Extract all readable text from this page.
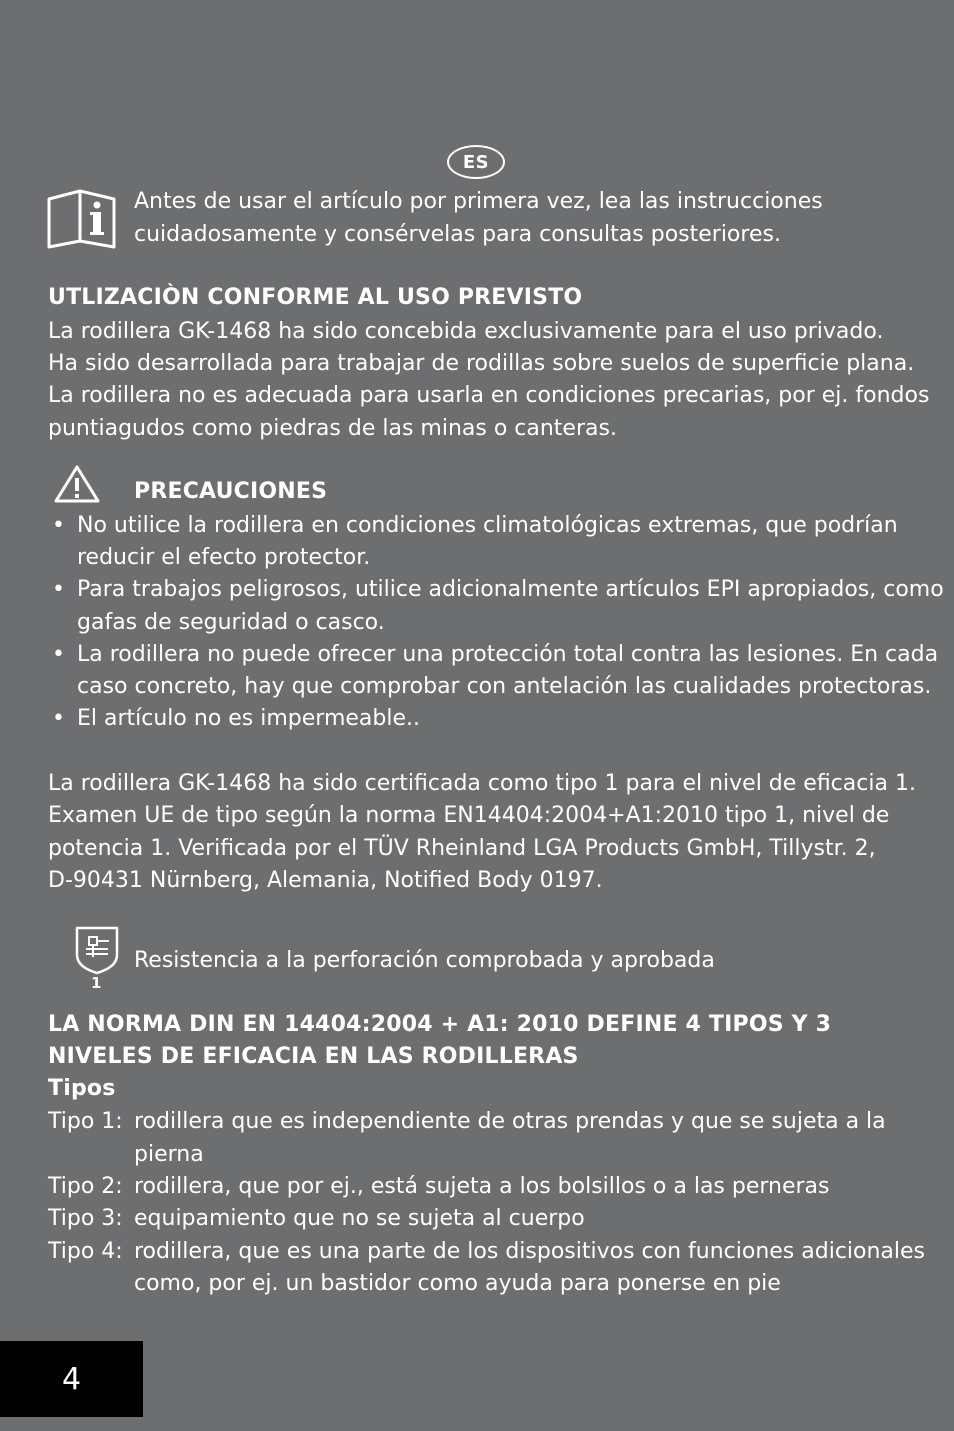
ES
Antes de usar el artículo por primera vez, lea las instrucciones
cuidadosamente y consérvelas para consultas posteriores.
UTLIZACIÒN CONFORME AL USO PREVISTO
La rodillera GK-1468 ha sido concebida exclusivamente para el uso privado.
Ha sido desarrollada para trabajar de rodillas sobre suelos de superficie plana.
La rodillera no es adecuada para usarla en condiciones precarias, por ej. fondos
puntiagudos como piedras de las minas o canteras.
PRECAUCIONES
• No utilice la rodillera en condiciones climatológicas extremas, que podrían
reducir el efecto protector.
• Para trabajos peligrosos, utilice adicionalmente artículos EPI apropiados, como
gafas de seguridad o casco.
• La rodillera no puede ofrecer una protección total contra las lesiones. En cada
caso concreto, hay que comprobar con antelación las cualidades protectoras.
• El artículo no es impermeable..
La rodillera GK-1468 ha sido certificada como tipo 1 para el nivel de eficacia 1.
Examen UE de tipo según la norma EN14404:2004+A1:2010 tipo 1, nivel de
potencia 1. Verificada por el TÜV Rheinland LGA Products GmbH, Tillystr. 2,
D-90431 Nürnberg, Alemania, Notified Body 0197.
1
Resistencia a la perforación comprobada y aprobada
LA NORMA DIN EN 14404:2004 + A1: 2010 DEFINE 4 TIPOS Y 3
NIVELES DE EFICACIA EN LAS RODILLERAS
Tipos
Tipo 1: rodillera que es independiente de otras prendas y que se sujeta a la
pierna
Tipo 2: rodillera, que por ej., está sujeta a los bolsillos o a las perneras
Tipo 3: equipamiento que no se sujeta al cuerpo
Tipo 4: rodillera, que es una parte de los dispositivos con funciones adicionales
como, por ej. un bastidor como ayuda para ponerse en pie
4
